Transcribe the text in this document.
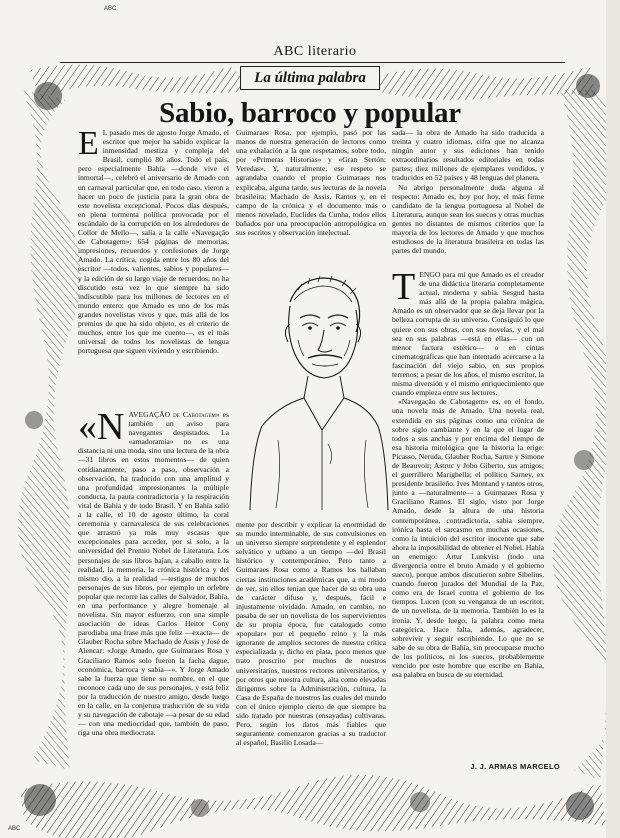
ABC
ABC literario
La última palabra
Sabio, barroco y popular
E L pasado mes de agosto Jorge Amado, el escritor que mejor ha sabido explicar la inmensidad mestiza y compleja del Brasil, cumplió 80 años. Todo el país, pero especialmente Bahía —donde vive el inmortal—, celebró el aniversario de Amado con un carnaval particular que, en todo caso, vieron a hacer un poco de justicia para la gran obra de este novelista excepcional. Pocos días después, en plena tormenta política provocada por el escándalo de la corrupción en los alrededores de Collor de Mello—, salía a la calle «Navegaçâo de Cabotagem»: 654 páginas de memorias, impresiones, recuerdos y confesiones de Jorge Amado. La crítica, cogida entre los 80 años del escritor —todos, valientes, sabios y populares— y la edición de su largo viaje de recuerdos, no ha discutido esta vez lo que siempre ha sido indiscutible para los millones de lectores en el mundo entero: que Amado es uno de los más grandes novelistas vivos y que, más allá de los premios de que ha sido objeto, es el criterio de muchos, entre los que me cuento—, es el más universal de todos los novelistas de lengua portuguesa que siguen viviendo y escribiendo.

«N AVEGAÇÃO de Cabotagem» es también un aviso para navegantes despistados. La «amadoramia» no es una distancia ni una moda, sino una lectura de la obra —31 libros en estos momentos— de quien cotidianamente, paso a paso, observación a observación, ha traducido con una amplitud y una profundidad impresionantes la múltiple conducta, la pauta contradictoria y la respiración vital de Bahía y de todo Brasil. Y en Bahía salió a la calle, el 10 de agosto último, la coral ceremonia y carnavalesca de sus celebraciones que arrastró ya más muy escasas que excepcionales para acceder, por si solo, a la universidad del Premio Nobel de Literatura. Los personajes de sus libros bajan, a caballo entre la realidad, la memoria, la crónica histórica y del mismo dio, a la realidad —testigos de muchos personajes de sus libros, por ejemplo un orfebre popular que recorre las calles de Salvador, Bahía, en una performance y alegre homenaje al novelista. Sin mayor esfuerzo, con una simple asociación de ideas Carlos Heitor Cony parodiaba una frase más que feliz —exacta— de Glauber Rocha sobre Machado de Assis y José de Alencar: «Jorge Amado, que Guimaraes Rosa y Graciliano Ramos solo fueron la facha dague, económica, barroca y sabia—». Y Jorge Amado sabe la fuerza que tiene su nombre, en el que reconoce cada uno de sus personajes, y está feliz por la traducción de nuestro amigo, desde luego en la calle, en la conjetura traducción de su vida y su navegación de cabotaje —a pesar de su edad— con una mediocridad que, también de paso, riga una obra mediocrata.

Guimaraes Rosa, por ejemplo, pasó por las manos de nuestra generación de lectores como una exhalación a la que respetamos, sobre todo, por «Primeras Historias» y «Gran Sertón: Veredas». Y, naturalmente, ese respeto se agrandaba cuando el propio Guimaraes nos explicaba, alguna tarde, sus lecturas de la novela brasileira; Machado de Assis, Ramos y, en el campo de la crónica y el documento más o menos novelado, Euclides da Cunha, todos ellos bañados por una preocupación antropológica en sus escritos y observación intelectual.

mente por describir y explicar la enormidad de su mundo interminable, de sus convulsiones en un universo siempre sorprendente y el esplendor selvático y urbano a un tiempo —del Brasil histórico y contemporáneo. Pero tanto a Guimaraes Rosa como a Ramos los hallaban ciertas instituciones académicas que, a mi modo de ver, sin ellos tenían que hacer de su obra una de carácter difuso y, después, fácil e injustamente olvidado. Amado, en cambio, no pasaba de ser un novelista de los supervivientes de su propia época, fue catalogado como «popular» por el pequeño reino y la más ignorante de amplios sectores de nuestra crítica especializada y, dicho en plata, poco menos que trato proscrito por muchos de nuestros universitarios, nuestros rectores universitarios, y por otros que nuestra cultura, alta como elevadas dirigentes sobre la Administración, cultura, la Casa de España de nuestros las cuales del mundo con el único ejemplo cierto de que siempre ha sido tratado por nuestras (ensayadas) cultivaras. Pero, según los datos más fiables que seguramente comenzaron gracias a su traductor al español, Basilio Losada—

sada— la obra de Amado ha sido traducida a treinta y cuatro idiomas, cifra que no alcanza ningún autor y sus ediciones han tenido extraordinarios resultados editoriales en todas partes; diez millones de ejemplares vendidos, y traducidos en 52 países y 48 lenguas del planeta.

No abrigo personalmente duda alguna al respecto: Amado es, hoy por hoy, el más firme candidato de la lengua portuguesa al Nobel de Literatura, aunque sean los suecos y otras muchas gentes no distantes de mismos criterios que la mayoría de los lectores de Amado y que muchos estudiosos de la literatura brasileira en todas las partes del mundo.

T ENGO para mí que Amado es el creador de una didáctica literaria completamente actual, moderna y sabia. Sesgud hasta más allá de la propia palabra mágica, Amado es un observador que se deja llevar por la belleza corrupta de su universo. Consiguió lo que quiere con sus obras, con sus novelas, y el mal sea en sus palabras —está en ellas— con un menor factura estético— o en cintas cinematográficas que han intentado acercarse a la fascinación del viejo sabio, en sus propios terrenos; a pesar de los años, el mismo escritor, la misma diversión y el mismo enriquecimiento que cuando empieza entre sus lectores.

«Navegaçâo de Cabotagem» es, en el fondo, una novela más de Amado. Una novela real, extendida en sus páginas como una crónica de sobre siglo cambiante y en la que el lugar de todos a sus anchas y por encima del tiempo de esa historia mitológica que la historia la erige: Picasso, Neruda, Glauber Rocha, Sartre y Simone de Beauvoir; Astruc y Jobo Giberto, sus amigos; el guerrillero Marighella; el político Sarney, ex presidente brasileño. Ives Montand y tantos otros, junto a —naturalmente— a Guimaraes Rosa y Graciliano Ramos. El siglo, visto por Jorge Amado, desde la altura de una historia contemporánea, contradictoria, sabia siempre, irónica hasta el sarcasmo en muchas ocasiones, como la intuición del escritor inocente que sabe ahora la imposibilidad de obtener el Nobel. Había un enemigo: Artur Lunkvist (todo una divergencia entre el bruto Amado y el gobierno sueco), porque ambos discutieron sobre Sibelius, cuando fueron jurados del Mundial de la Paz, como era de Israel contra el gobierno de los tiempos. Lucen (con su venganza de un escritor, de un novelista, de la memoria. También lo es la ironía. Y, desde luego, la palabra como meta categórica. Hace falta, además, agradecer, sobrevivir y seguir escribiendo. Lo que no se sabe de su obra de Bahía, sin preocuparse mucho de los políticos, ni los suecos, probablemente vencido por este hombre que escribe en Bahía, esa palabra en busca de su eternidad.

J. J. ARMAS MARCELO
ABC
